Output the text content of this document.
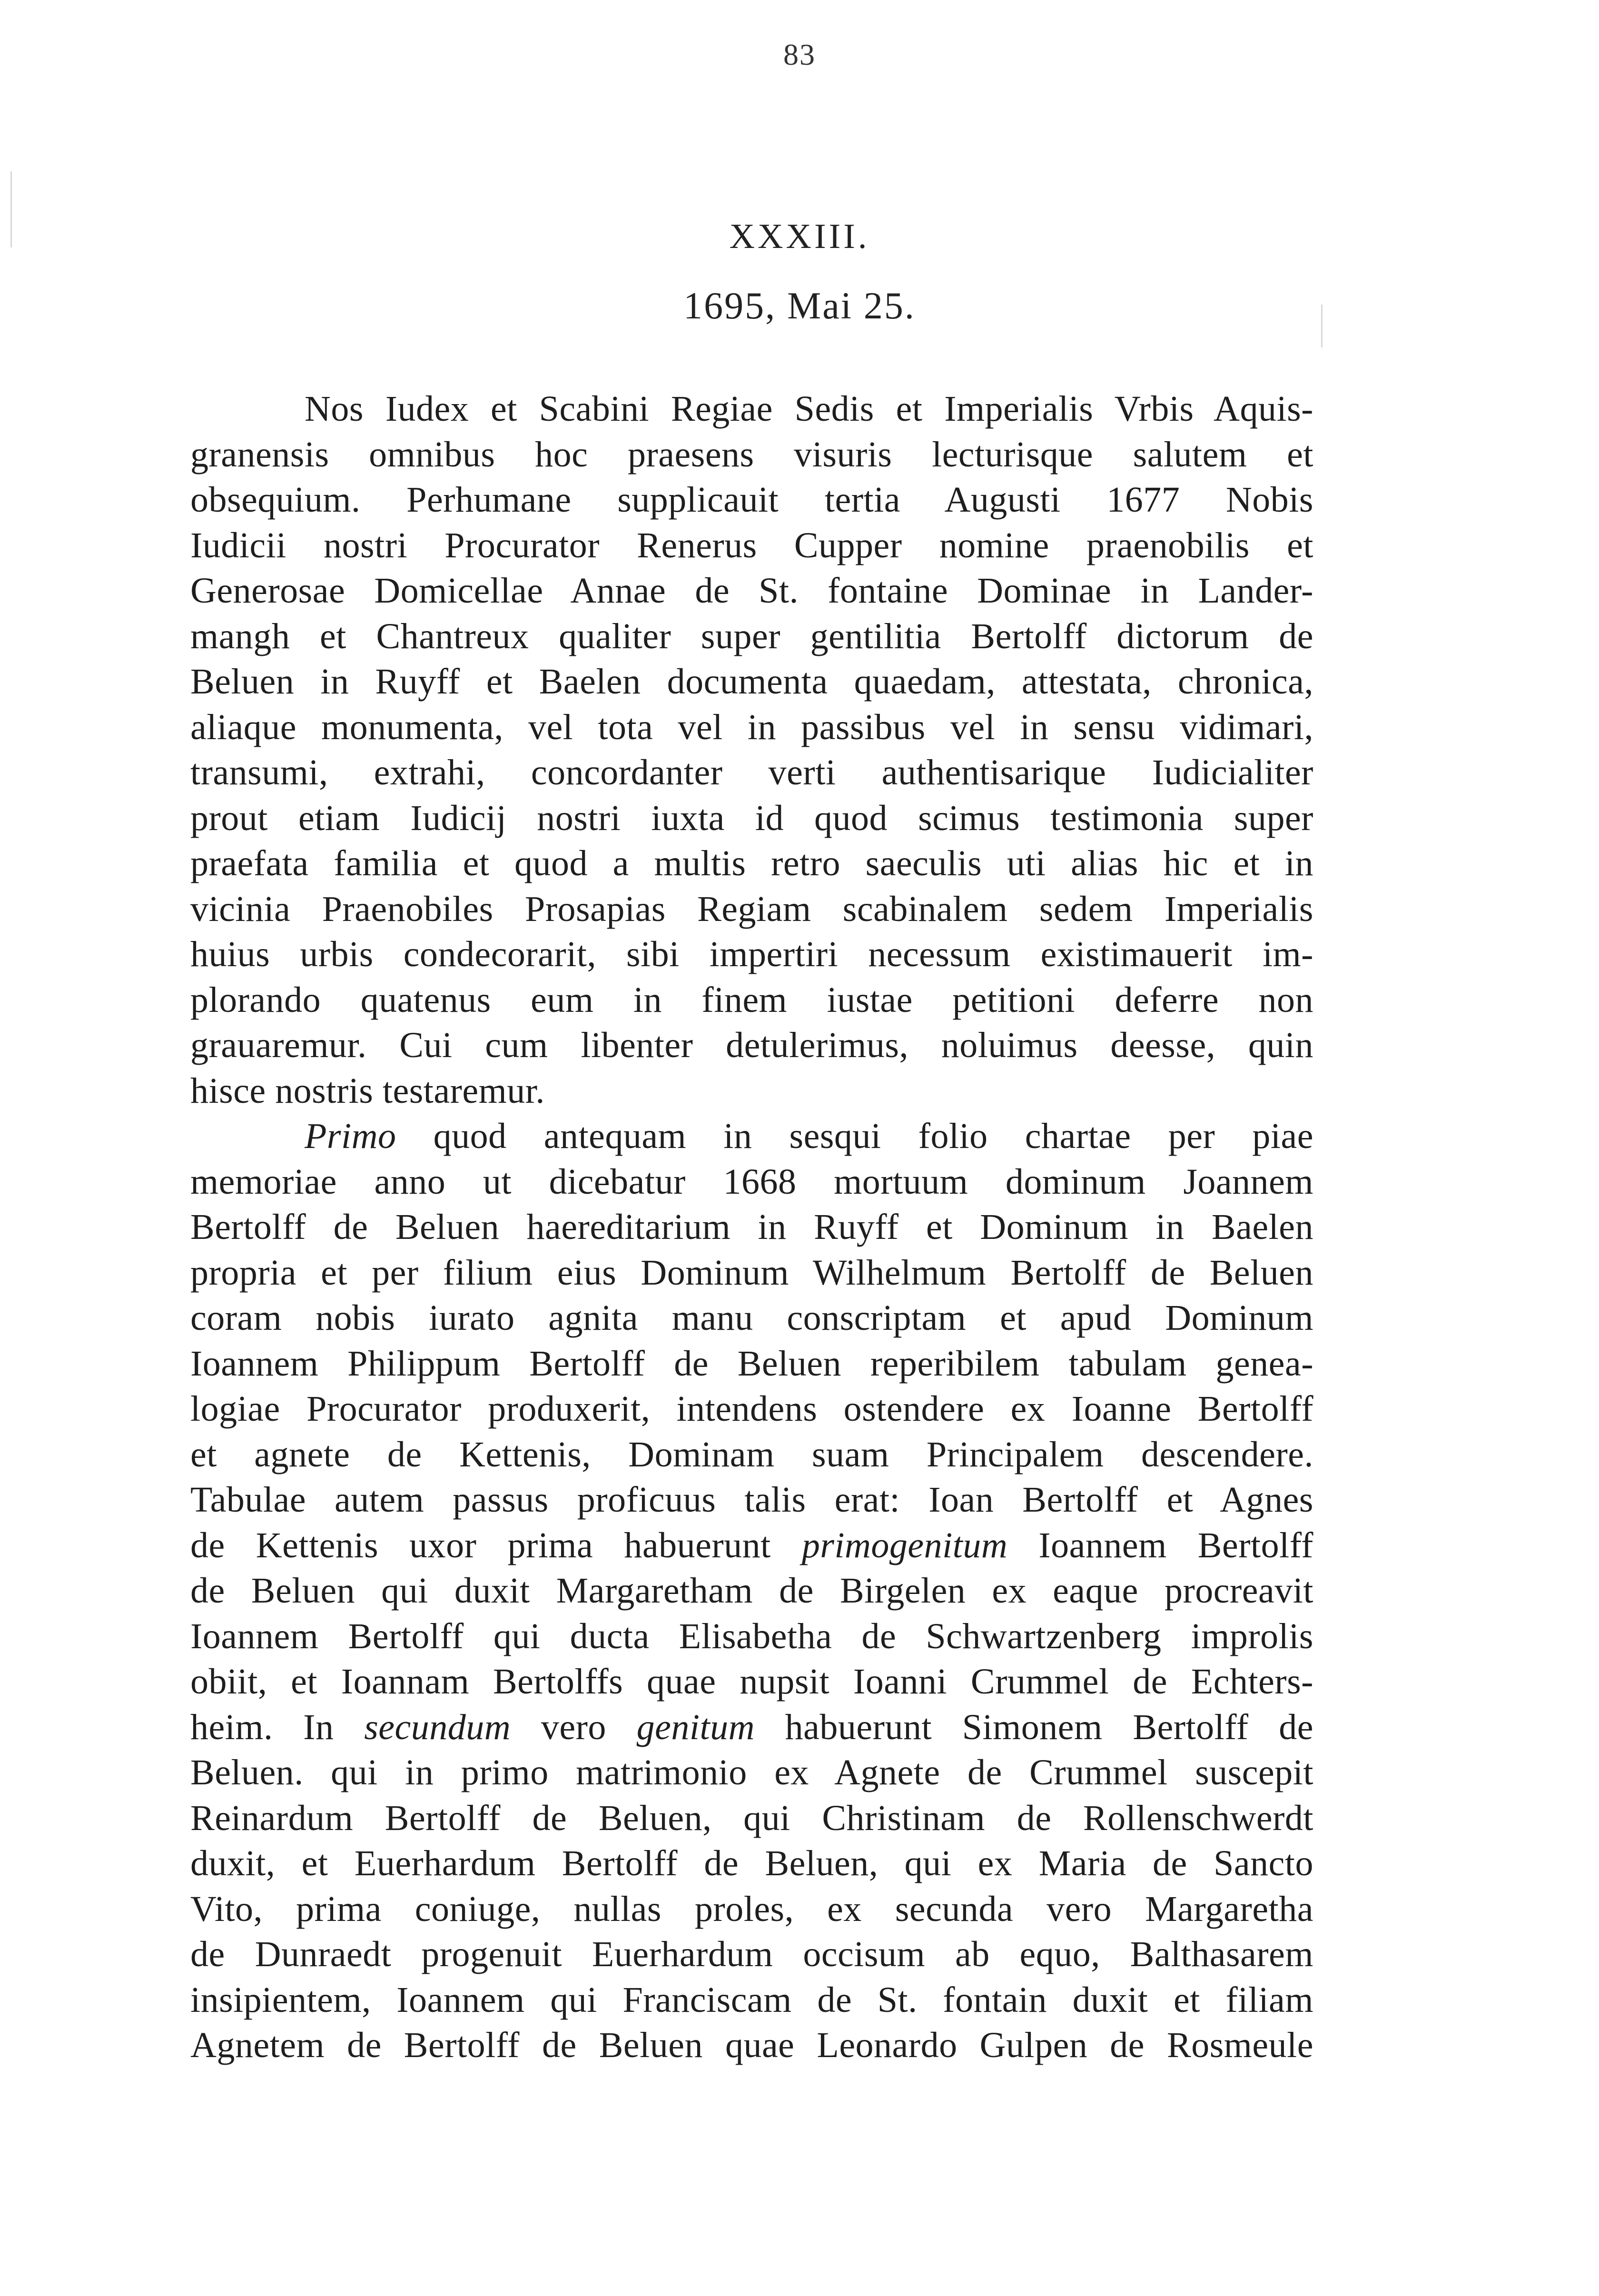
83
XXXIII.
1695, Mai 25.
Nos Iudex et Scabini Regiae Sedis et Imperialis Vrbis Aquis-
granensis omnibus hoc praesens visuris lecturisque salutem et
obsequium. Perhumane supplicauit tertia Augusti 1677 Nobis
Iudicii nostri Procurator Renerus Cupper nomine praenobilis et
Generosae Domicellae Annae de St. fontaine Dominae in Lander-
mangh et Chantreux qualiter super gentilitia Bertolff dictorum de
Beluen in Ruyff et Baelen documenta quaedam, attestata, chronica,
aliaque monumenta, vel tota vel in passibus vel in sensu vidimari,
transumi, extrahi, concordanter verti authentisarique Iudicialiter
prout etiam Iudicij nostri iuxta id quod scimus testimonia super
praefata familia et quod a multis retro saeculis uti alias hic et in
vicinia Praenobiles Prosapias Regiam scabinalem sedem Imperialis
huius urbis condecorarit, sibi impertiri necessum existimauerit im-
plorando quatenus eum in finem iustae petitioni deferre non
grauaremur. Cui cum libenter detulerimus, noluimus deesse, quin
hisce nostris testaremur.
Primo quod antequam in sesqui folio chartae per piae
memoriae anno ut dicebatur 1668 mortuum dominum Joannem
Bertolff de Beluen haereditarium in Ruyff et Dominum in Baelen
propria et per filium eius Dominum Wilhelmum Bertolff de Beluen
coram nobis iurato agnita manu conscriptam et apud Dominum
Ioannem Philippum Bertolff de Beluen reperibilem tabulam genea-
logiae Procurator produxerit, intendens ostendere ex Ioanne Bertolff
et agnete de Kettenis, Dominam suam Principalem descendere.
Tabulae autem passus proficuus talis erat: Ioan Bertolff et Agnes
de Kettenis uxor prima habuerunt primogenitum Ioannem Bertolff
de Beluen qui duxit Margaretham de Birgelen ex eaque procreavit
Ioannem Bertolff qui ducta Elisabetha de Schwartzenberg improlis
obiit, et Ioannam Bertolffs quae nupsit Ioanni Crummel de Echters-
heim. In secundum vero genitum habuerunt Simonem Bertolff de
Beluen. qui in primo matrimonio ex Agnete de Crummel suscepit
Reinardum Bertolff de Beluen, qui Christinam de Rollenschwerdt
duxit, et Euerhardum Bertolff de Beluen, qui ex Maria de Sancto
Vito, prima coniuge, nullas proles, ex secunda vero Margaretha
de Dunraedt progenuit Euerhardum occisum ab equo, Balthasarem
insipientem, Ioannem qui Franciscam de St. fontain duxit et filiam
Agnetem de Bertolff de Beluen quae Leonardo Gulpen de Rosmeule
